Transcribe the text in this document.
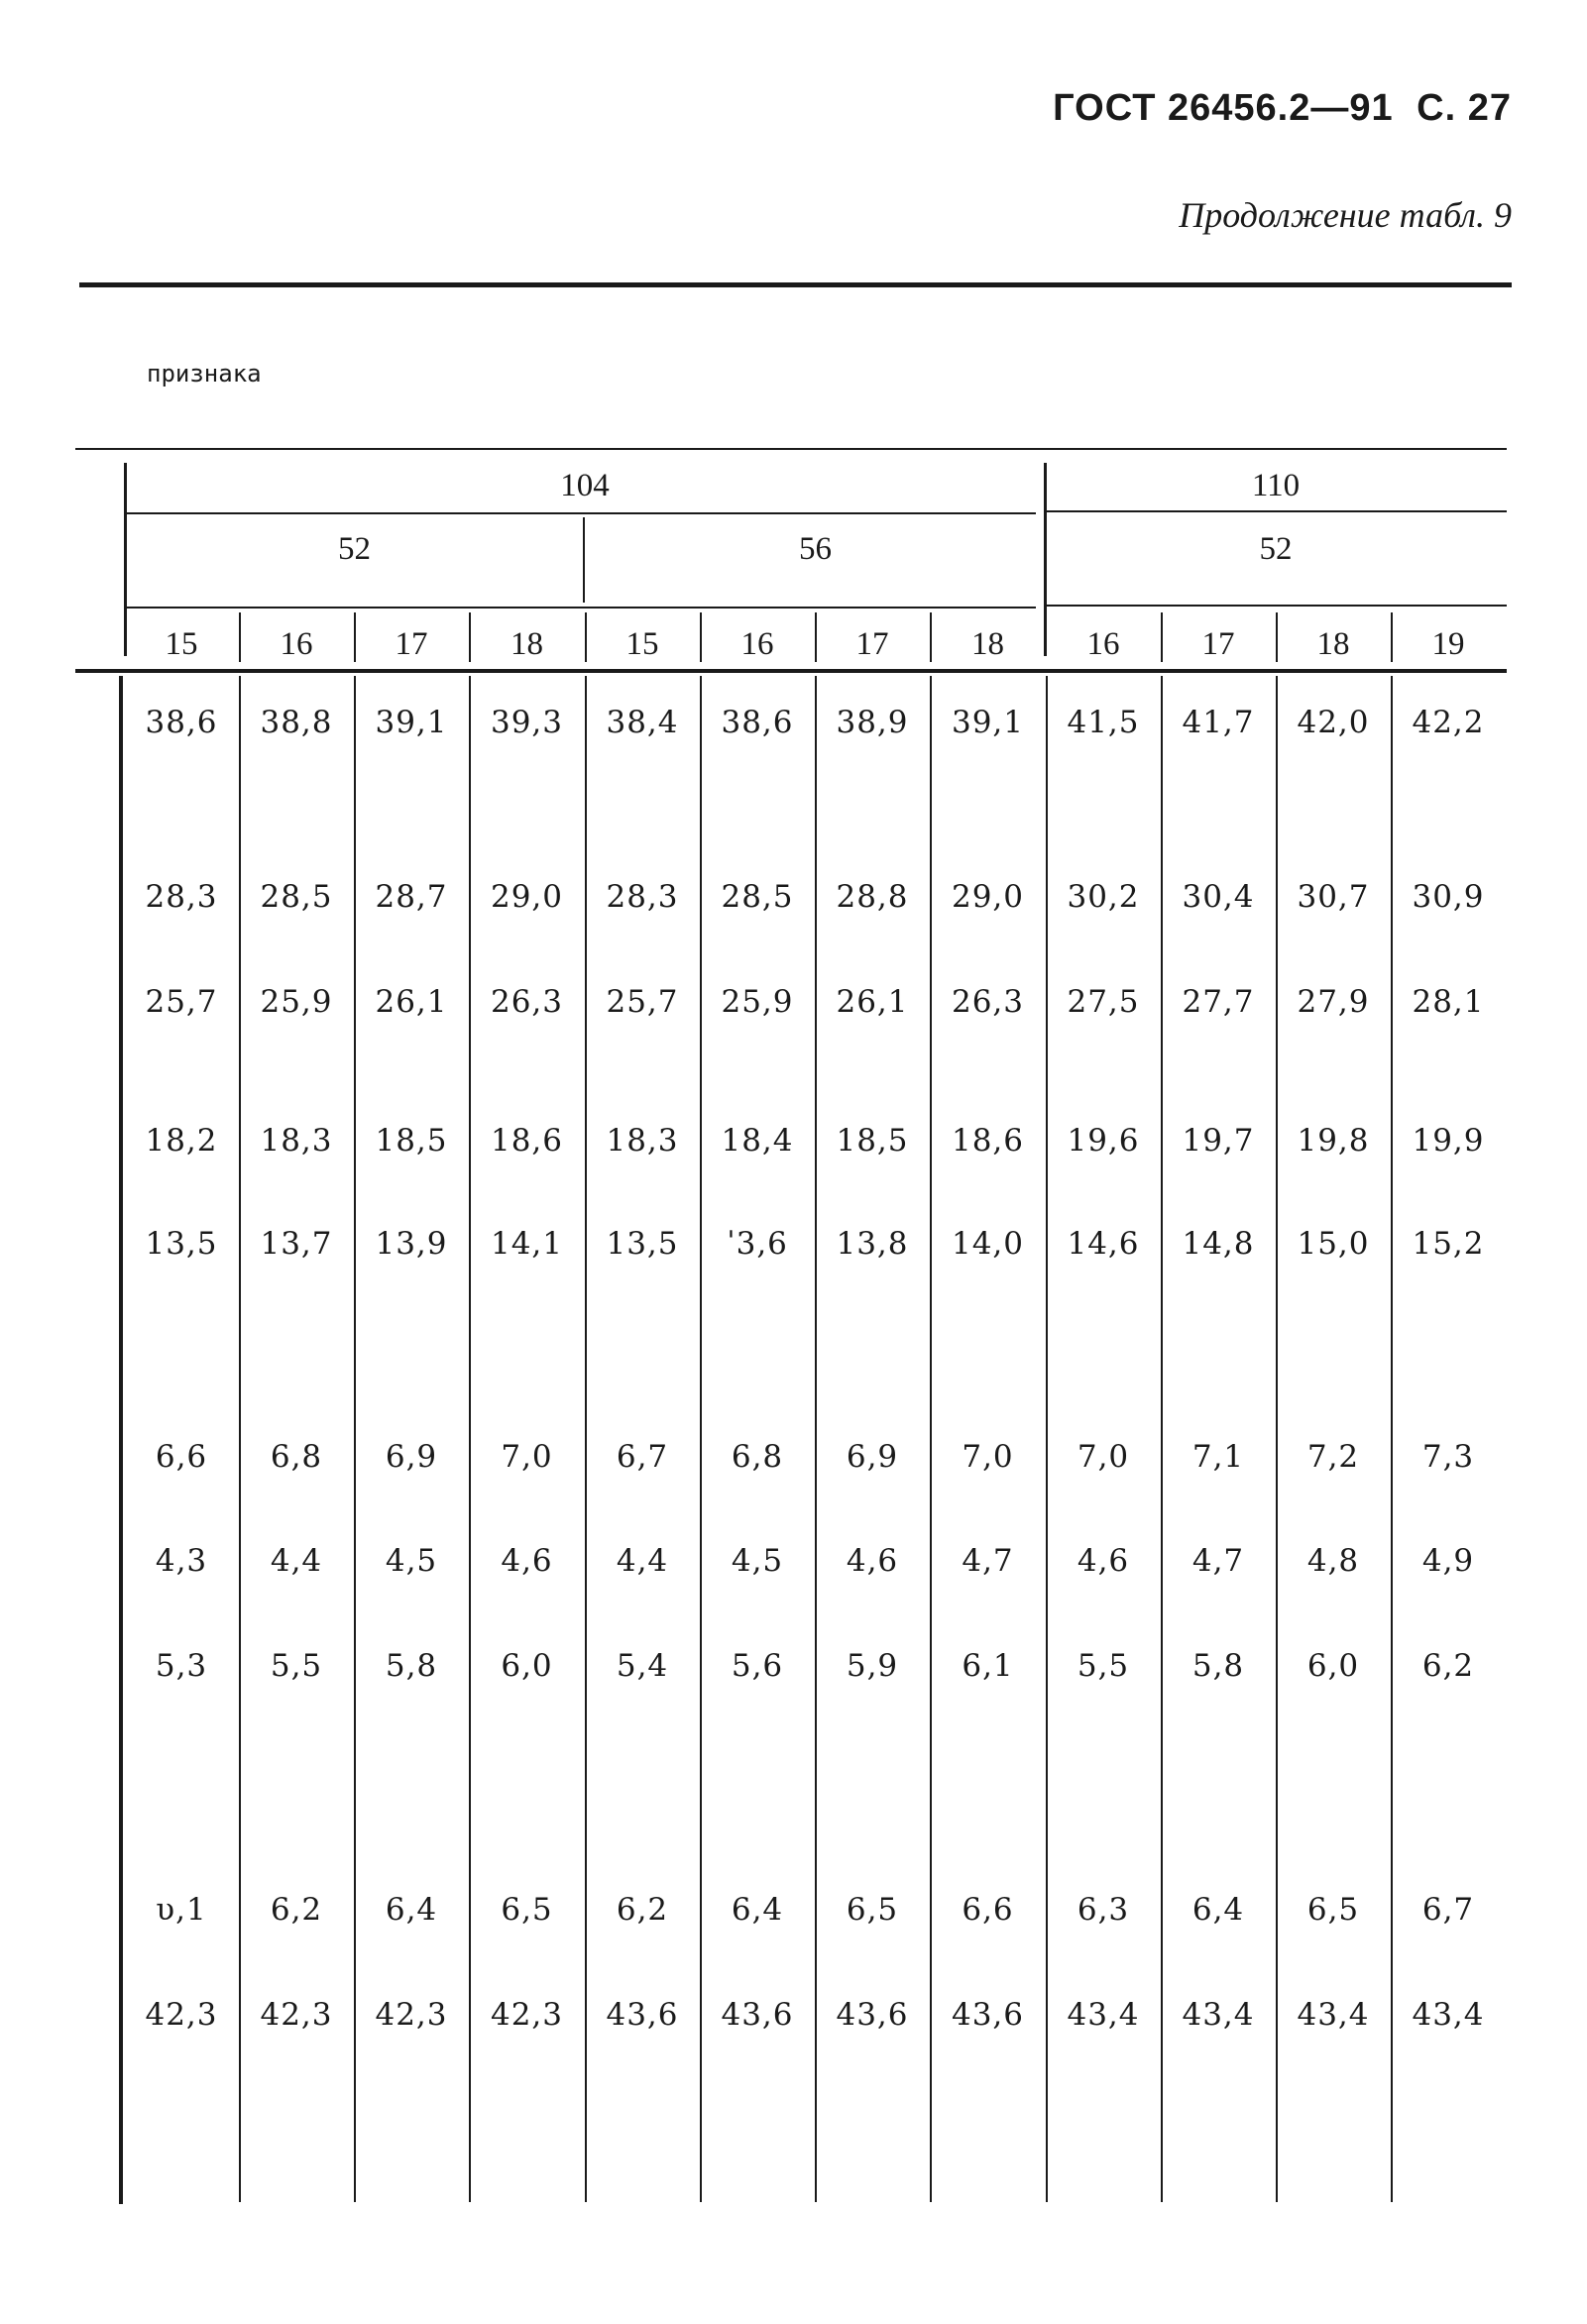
ГОСТ 26456.2—91 С. 27
Продолжение табл. 9
признака
104
52
15	16	17	18
56
15	16	17	18
110
52
16	17	18	19
38,6 38,8 39,1 39,3 38,4 38,6 38,9 39,1 41,5 41,7 42,0 42,2
28,3 28,5 28,7 29,0 28,3 28,5 28,8 29,0 30,2 30,4 30,7 30,9
25,7 25,9 26,1 26,3 25,7 25,9 26,1 26,3 27,5 27,7 27,9 28,1
18,2 18,3 18,5 18,6 18,3 18,4 18,5 18,6 19,6 19,7 19,8 19,9
13,5 13,7 13,9 14,1 13,5 ˈ3,6 13,8 14,0 14,6 14,8 15,0 15,2
6,6 6,8 6,9 7,0 6,7 6,8 6,9 7,0 7,0 7,1 7,2 7,3
4,3 4,4 4,5 4,6 4,4 4,5 4,6 4,7 4,6 4,7 4,8 4,9
5,3 5,5 5,8 6,0 5,4 5,6 5,9 6,1 5,5 5,8 6,0 6,2
υ,1 6,2 6,4 6,5 6,2 6,4 6,5 6,6 6,3 6,4 6,5 6,7
42,3 42,3 42,3 42,3 43,6 43,6 43,6 43,6 43,4 43,4 43,4 43,4
